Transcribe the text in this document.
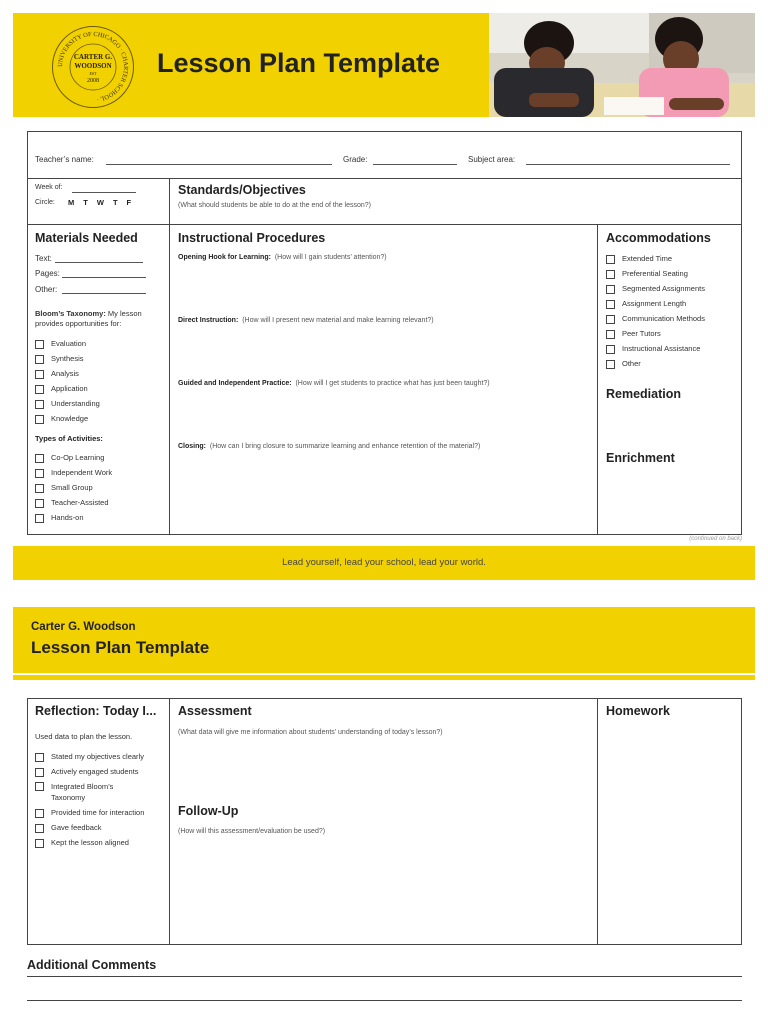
UNIVERSITY OF CHICAGO · CHARTER SCHOOL ·
CARTER G.
WOODSON
EST
2008
Lesson Plan Template
Teacher’s name:	Grade:	Subject area:
Week of:
Circle: M T W T F
Standards/Objectives
(What should students be able to do at the end of the lesson?)
Materials Needed
Text:
Pages:
Other:
Bloom’s Taxonomy: My lesson provides opportunities for:
Evaluation
Synthesis
Analysis
Application
Understanding
Knowledge
Types of Activities:
Co-Op Learning
Independent Work
Small Group
Teacher-Assisted
Hands-on
Instructional Procedures
Opening Hook for Learning: (How will I gain students’ attention?)
Direct Instruction: (How will I present new material and make learning relevant?)
Guided and Independent Practice: (How will I get students to practice what has just been taught?)
Closing: (How can I bring closure to summarize learning and enhance retention of the material?)
Accommodations
Extended Time
Preferential Seating
Segmented Assignments
Assignment Length
Communication Methods
Peer Tutors
Instructional Assistance
Other
Remediation
Enrichment
(continued on back)
Lead yourself, lead your school, lead your world.
Carter G. Woodson
Lesson Plan Template
Reflection: Today I...
Used data to plan the lesson.
Stated my objectives clearly
Actively engaged students
Integrated Bloom’s Taxonomy
Provided time for interaction
Gave feedback
Kept the lesson aligned
Assessment
(What data will give me information about students’ understanding of today’s lesson?)
Follow-Up
(How will this assessment/evaluation be used?)
Homework
Additional Comments
